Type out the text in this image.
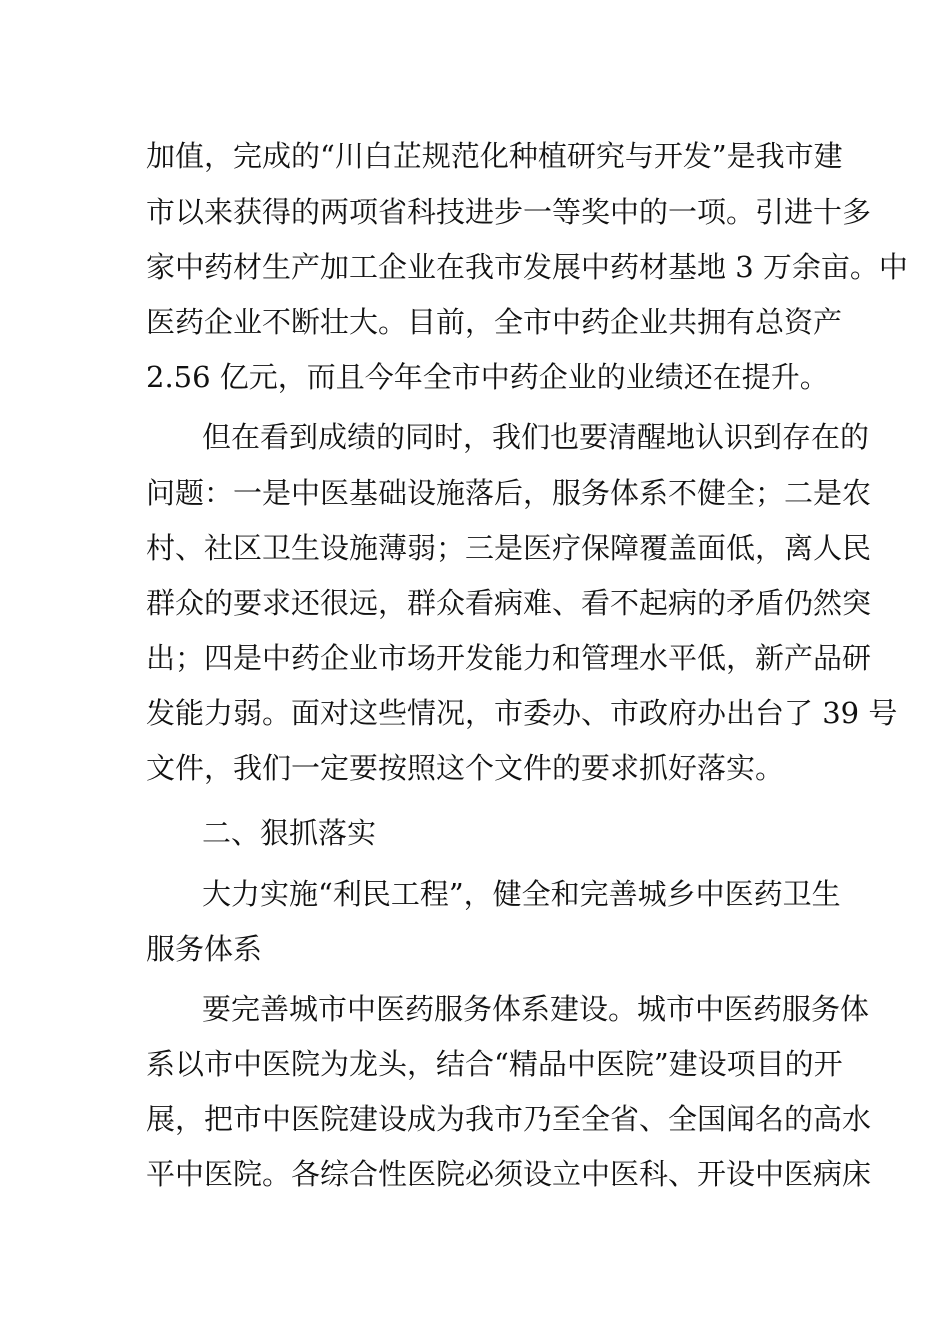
加值，完成的“川白芷规范化种植研究与开发”是我市建
市以来获得的两项省科技进步一等奖中的一项。引进十多
家中药材生产加工企业在我市发展中药材基地 3 万余亩。中
医药企业不断壮大。目前，全市中药企业共拥有总资产
2.56 亿元，而且今年全市中药企业的业绩还在提升。
但在看到成绩的同时，我们也要清醒地认识到存在的
问题：一是中医基础设施落后，服务体系不健全；二是农
村、社区卫生设施薄弱；三是医疗保障覆盖面低，离人民
群众的要求还很远，群众看病难、看不起病的矛盾仍然突
出；四是中药企业市场开发能力和管理水平低，新产品研
发能力弱。面对这些情况，市委办、市政府办出台了 39 号
文件，我们一定要按照这个文件的要求抓好落实。
二、狠抓落实
大力实施“利民工程”，健全和完善城乡中医药卫生
服务体系
要完善城市中医药服务体系建设。城市中医药服务体
系以市中医院为龙头，结合“精品中医院”建设项目的开
展，把市中医院建设成为我市乃至全省、全国闻名的高水
平中医院。各综合性医院必须设立中医科、开设中医病床
